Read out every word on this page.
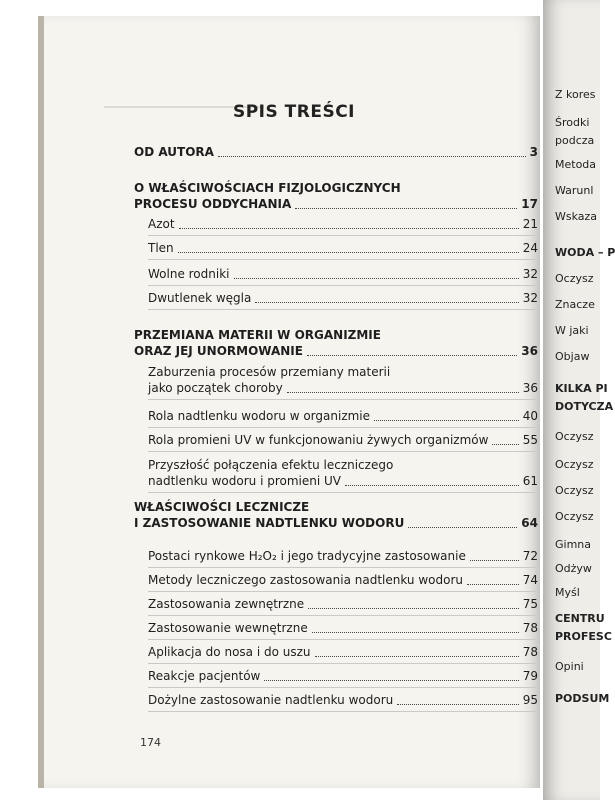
SPIS TREŚCI
OD AUTORA	3
O WŁAŚCIWOŚCIACH FIZJOLOGICZNYCH
PROCESU ODDYCHANIA	17
Azot	21
Tlen	24
Wolne rodniki	32
Dwutlenek węgla	32
PRZEMIANA MATERII W ORGANIZMIE
ORAZ JEJ UNORMOWANIE	36
Zaburzenia procesów przemiany materii
jako początek choroby	36
Rola nadtlenku wodoru w organizmie	40
Rola promieni UV w funkcjonowaniu żywych organizmów	55
Przyszłość połączenia efektu leczniczego
nadtlenku wodoru i promieni UV	61
WŁAŚCIWOŚCI LECZNICZE
I ZASTOSOWANIE NADTLENKU WODORU	64
Postaci rynkowe H₂O₂ i jego tradycyjne zastosowanie	72
Metody leczniczego zastosowania nadtlenku wodoru	74
Zastosowania zewnętrzne	75
Zastosowanie wewnętrzne	78
Aplikacja do nosa i do uszu	78
Reakcje pacjentów	79
Dożylne zastosowanie nadtlenku wodoru	95
174
Z kores
Środki
podcza
Metoda
Warunl
Wskaza
WODA – P
Oczysz
Znacze
W jaki
Objaw
KILKA PI
DOTYCZA
Oczysz
Oczysz
Oczysz
Oczysz
Gimna
Odżyw
Myśl
CENTRU
PROFESC
Opini
PODSUM
